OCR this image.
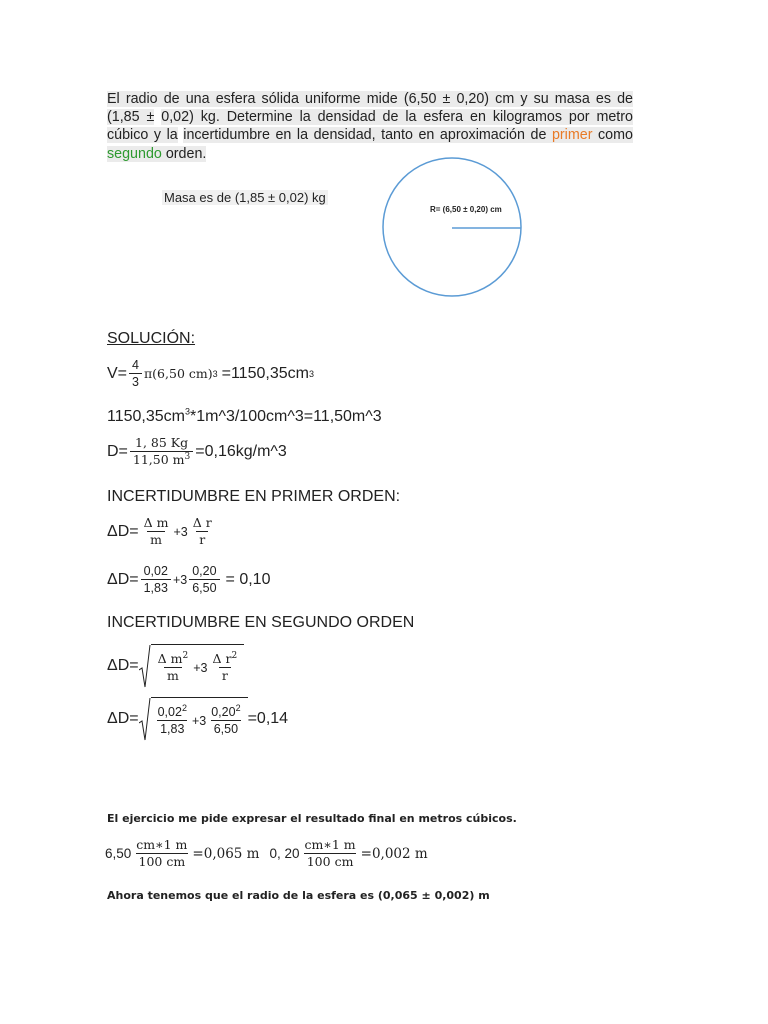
El radio de una esfera sólida uniforme mide (6,50 ± 0,20) cm y su masa es de (1,85 ± 0,02) kg. Determine la densidad de la esfera en kilogramos por metro cúbico y la incertidumbre en la densidad, tanto en aproximación de primer como segundo orden.
Masa es de (1,85 ± 0,02) kg
R= (6,50 ± 0,20) cm
SOLUCIÓN:
$V= \frac{4}{3} \pi(6,50$ cm) 3 =1150,35cm 3
$1150,35cm^3*1m\^{}3/100cm\^{}3=11,50m\^{}3$
$D= \frac{1, 85 Kg}{11,50 m^3}$ =0,16kg/m^3
INCERTIDUMBRE EN PRIMER ORDEN:
$\Delta D= \frac{\text{Δ m}}{m} +3 \frac{\text{Δ r}}{r}$
$\Delta D= \frac{0,02}{1,83} +3 \frac{0,20}{6,50} = 0,10$
INCERTIDUMBRE EN SEGUNDO ORDEN
$\Delta D= \frac{\Delta m^2}{m} +3 \frac{\Delta r^2}{r}$
$\Delta D= \frac{0,02^2}{1,83} +3 \frac{0,20^2}{6,50} =0,14$
El ejercicio me pide expresar el resultado final en metros cúbicos.
$6,50 \frac{cm∗1 m}{100 cm} =0,065$ m 0, $20 \frac{cm∗1 m}{100 cm} =0,002$ m
Ahora tenemos que el radio de la esfera es (0,065 ± 0,002) m
